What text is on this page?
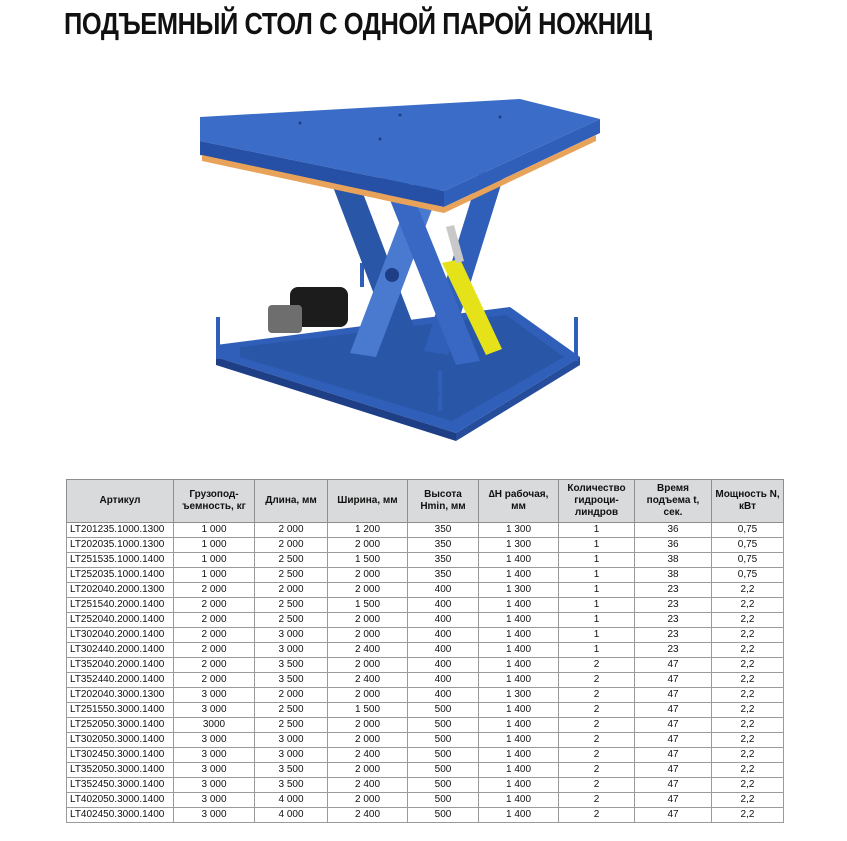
ПОДЪЕМНЫЙ СТОЛ С ОДНОЙ ПАРОЙ НОЖНИЦ
Артикул	Грузопод-ъемность, кг	Длина, мм	Ширина, мм	Высота Hmin, мм	∆H рабочая, мм	Количество гидроци-линдров	Время подъема t, сек.	Мощность N, кВт
LT201235.1000.1300	1 000	2 000	1 200	350	1 300	1	36	0,75
LT202035.1000.1300	1 000	2 000	2 000	350	1 300	1	36	0,75
LT251535.1000.1400	1 000	2 500	1 500	350	1 400	1	38	0,75
LT252035.1000.1400	1 000	2 500	2 000	350	1 400	1	38	0,75
LT202040.2000.1300	2 000	2 000	2 000	400	1 300	1	23	2,2
LT251540.2000.1400	2 000	2 500	1 500	400	1 400	1	23	2,2
LT252040.2000.1400	2 000	2 500	2 000	400	1 400	1	23	2,2
LT302040.2000.1400	2 000	3 000	2 000	400	1 400	1	23	2,2
LT302440.2000.1400	2 000	3 000	2 400	400	1 400	1	23	2,2
LT352040.2000.1400	2 000	3 500	2 000	400	1 400	2	47	2,2
LT352440.2000.1400	2 000	3 500	2 400	400	1 400	2	47	2,2
LT202040.3000.1300	3 000	2 000	2 000	400	1 300	2	47	2,2
LT251550.3000.1400	3 000	2 500	1 500	500	1 400	2	47	2,2
LT252050.3000.1400	3000	2 500	2 000	500	1 400	2	47	2,2
LT302050.3000.1400	3 000	3 000	2 000	500	1 400	2	47	2,2
LT302450.3000.1400	3 000	3 000	2 400	500	1 400	2	47	2,2
LT352050.3000.1400	3 000	3 500	2 000	500	1 400	2	47	2,2
LT352450.3000.1400	3 000	3 500	2 400	500	1 400	2	47	2,2
LT402050.3000.1400	3 000	4 000	2 000	500	1 400	2	47	2,2
LT402450.3000.1400	3 000	4 000	2 400	500	1 400	2	47	2,2
